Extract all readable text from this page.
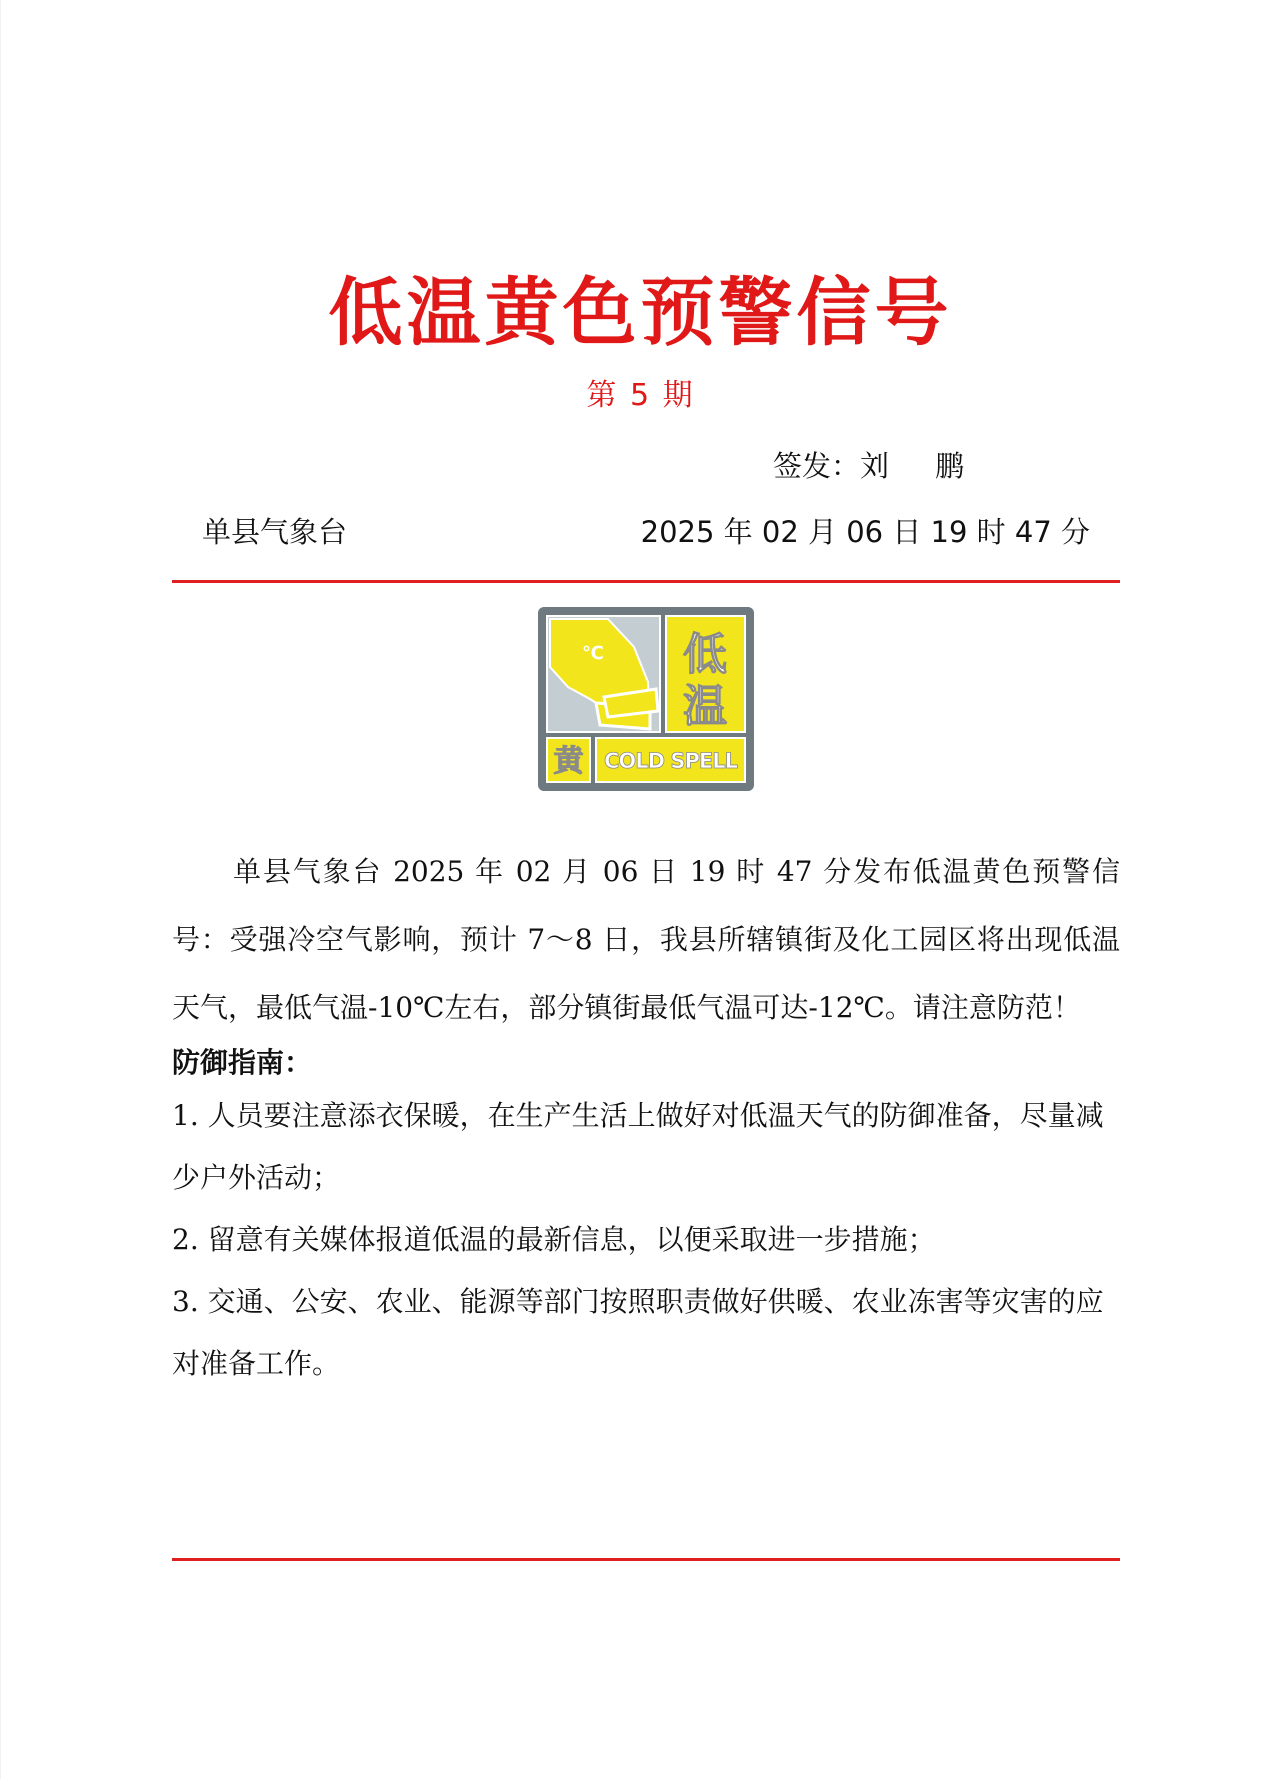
低温黄色预警信号
第 5 期
签发：刘     鹏
单县气象台	2025 年 02 月 06 日 19 时 47 分
℃ 低
温
黄 COLD SPELL
单县气象台 2025 年 02 月 06 日 19 时 47 分发布低温黄色预警信号：受强冷空气影响，预计 7～8 日，我县所辖镇街及化工园区将出现低温天气，最低气温-10℃左右，部分镇街最低气温可达-12℃。请注意防范！
防御指南：
1. 人员要注意添衣保暖，在生产生活上做好对低温天气的防御准备，尽量减少户外活动；
2. 留意有关媒体报道低温的最新信息，以便采取进一步措施；
3. 交通、公安、农业、能源等部门按照职责做好供暖、农业冻害等灾害的应对准备工作。
